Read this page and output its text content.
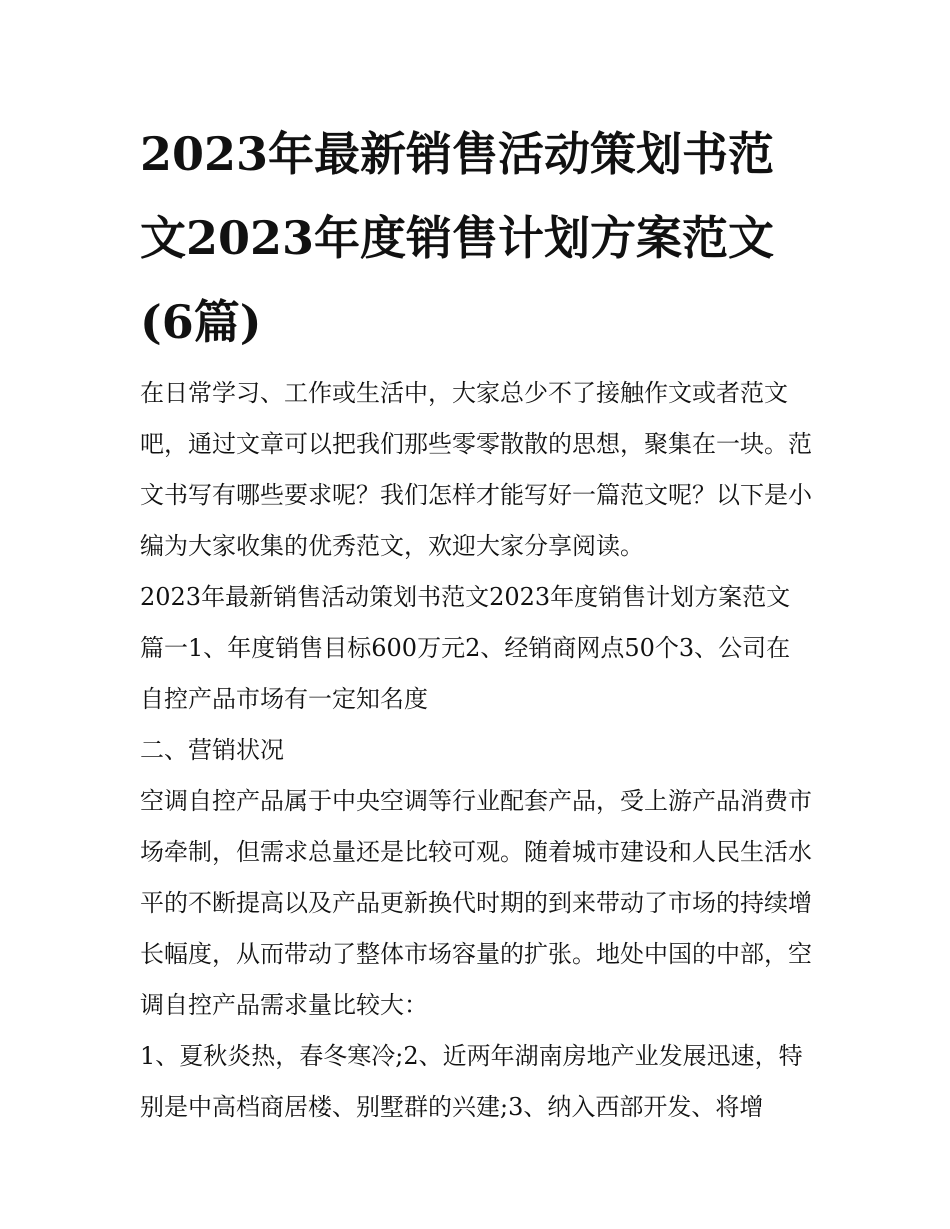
2023年最新销售活动策划书范文2023年度销售计划方案范文(6篇)

在日常学习、工作或生活中，大家总少不了接触作文或者范文吧，通过文章可以把我们那些零零散散的思想，聚集在一块。范文书写有哪些要求呢？我们怎样才能写好一篇范文呢？以下是小编为大家收集的优秀范文，欢迎大家分享阅读。

2023年最新销售活动策划书范文2023年度销售计划方案范文篇一1、年度销售目标600万元2、经销商网点50个3、公司在自控产品市场有一定知名度

二、营销状况

空调自控产品属于中央空调等行业配套产品，受上游产品消费市场牵制，但需求总量还是比较可观。随着城市建设和人民生活水平的不断提高以及产品更新换代时期的到来带动了市场的持续增长幅度，从而带动了整体市场容量的扩张。地处中国的中部，空调自控产品需求量比较大：

1、夏秋炎热，春冬寒冷;2、近两年湖南房地产业发展迅速，特别是中高档商居楼、别墅群的兴建;3、纳入西部开发、将增
